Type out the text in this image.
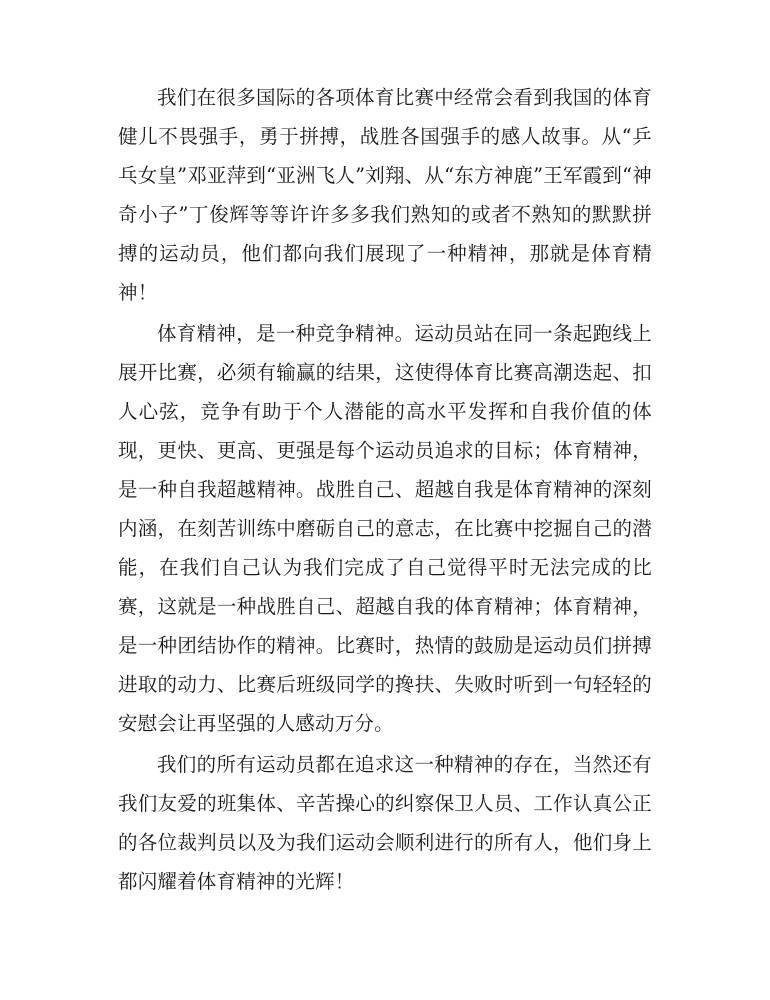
我们在很多国际的各项体育比赛中经常会看到我国的体育健儿不畏强手，勇于拼搏，战胜各国强手的感人故事。从“乒乓女皇”邓亚萍到“亚洲飞人”刘翔、从“东方神鹿”王军霞到“神奇小子”丁俊辉等等许许多多我们熟知的或者不熟知的默默拼搏的运动员，他们都向我们展现了一种精神，那就是体育精神！

体育精神，是一种竞争精神。运动员站在同一条起跑线上展开比赛，必须有输赢的结果，这使得体育比赛高潮迭起、扣人心弦，竞争有助于个人潜能的高水平发挥和自我价值的体现，更快、更高、更强是每个运动员追求的目标；体育精神，是一种自我超越精神。战胜自己、超越自我是体育精神的深刻内涵，在刻苦训练中磨砺自己的意志，在比赛中挖掘自己的潜能，在我们自己认为我们完成了自己觉得平时无法完成的比赛，这就是一种战胜自己、超越自我的体育精神；体育精神，是一种团结协作的精神。比赛时，热情的鼓励是运动员们拼搏进取的动力、比赛后班级同学的搀扶、失败时听到一句轻轻的安慰会让再坚强的人感动万分。

我们的所有运动员都在追求这一种精神的存在，当然还有我们友爱的班集体、辛苦操心的纠察保卫人员、工作认真公正的各位裁判员以及为我们运动会顺利进行的所有人，他们身上都闪耀着体育精神的光辉！
